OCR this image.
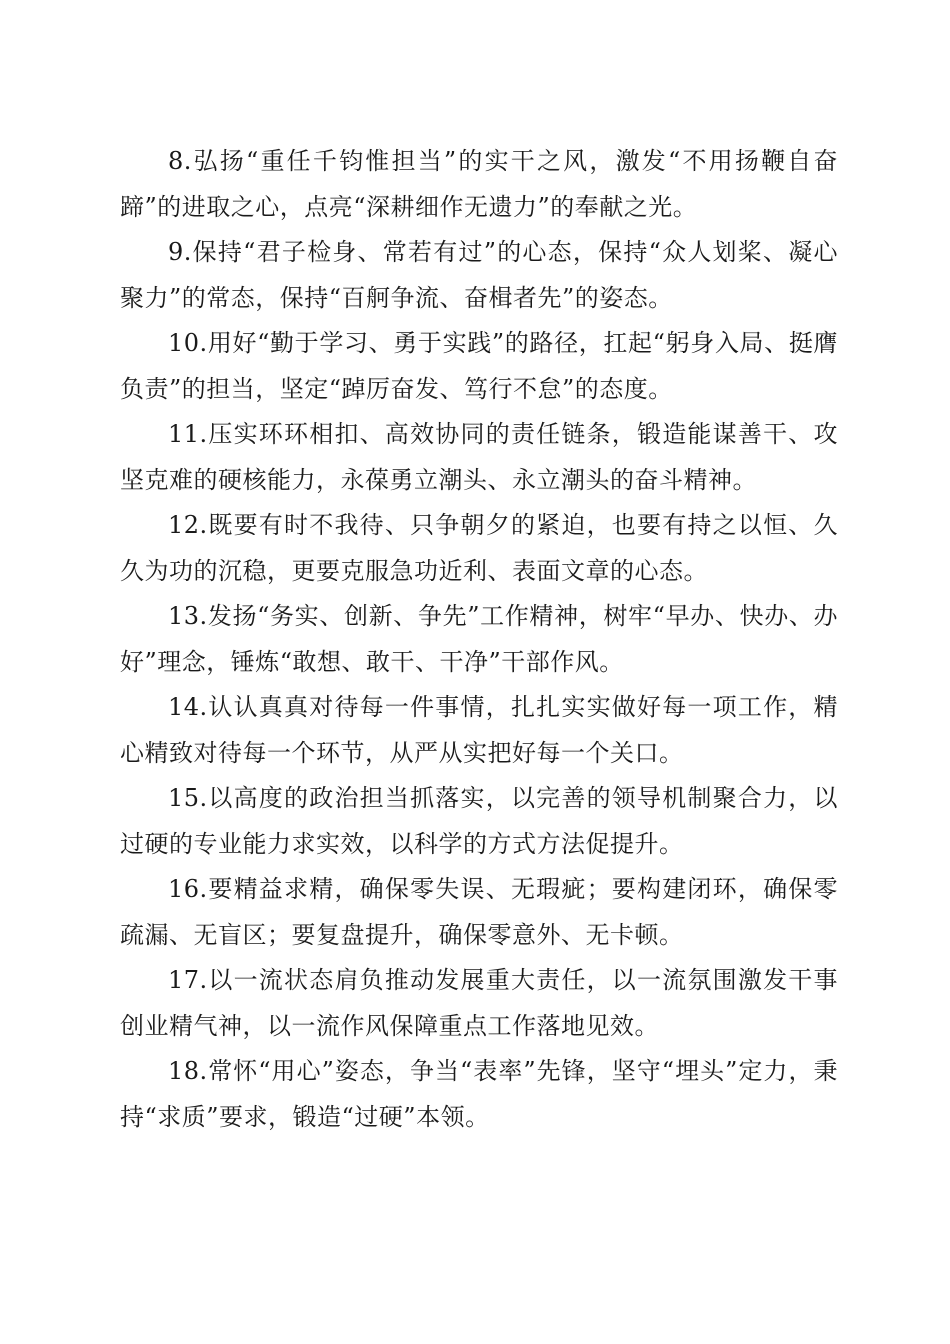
8.弘扬“重任千钧惟担当”的实干之风，激发“不用扬鞭自奋蹄”的进取之心，点亮“深耕细作无遗力”的奉献之光。

9.保持“君子检身、常若有过”的心态，保持“众人划桨、凝心聚力”的常态，保持“百舸争流、奋楫者先”的姿态。

10.用好“勤于学习、勇于实践”的路径，扛起“躬身入局、挺膺负责”的担当，坚定“踔厉奋发、笃行不怠”的态度。

11.压实环环相扣、高效协同的责任链条，锻造能谋善干、攻坚克难的硬核能力，永葆勇立潮头、永立潮头的奋斗精神。

12.既要有时不我待、只争朝夕的紧迫，也要有持之以恒、久久为功的沉稳，更要克服急功近利、表面文章的心态。

13.发扬“务实、创新、争先”工作精神，树牢“早办、快办、办好”理念，锤炼“敢想、敢干、干净”干部作风。

14.认认真真对待每一件事情，扎扎实实做好每一项工作，精心精致对待每一个环节，从严从实把好每一个关口。

15.以高度的政治担当抓落实，以完善的领导机制聚合力，以过硬的专业能力求实效，以科学的方式方法促提升。

16.要精益求精，确保零失误、无瑕疵；要构建闭环，确保零疏漏、无盲区；要复盘提升，确保零意外、无卡顿。

17.以一流状态肩负推动发展重大责任，以一流氛围激发干事创业精气神，以一流作风保障重点工作落地见效。

18.常怀“用心”姿态，争当“表率”先锋，坚守“埋头”定力，秉持“求质”要求，锻造“过硬”本领。
